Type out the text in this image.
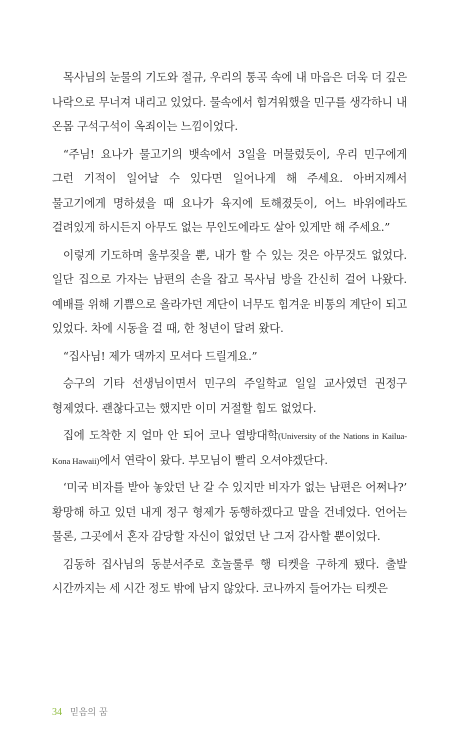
목사님의 눈물의 기도와 절규, 우리의 통곡 속에 내 마음은 더욱 더 깊은 나락으로 무너져 내리고 있었다. 물속에서 힘겨워했을 민구를 생각하니 내 온몸 구석구석이 옥죄이는 느낌이었다.

“주님! 요나가 물고기의 뱃속에서 3일을 머물렀듯이, 우리 민구에게 그런 기적이 일어날 수 있다면 일어나게 해 주세요. 아버지께서 물고기에게 명하셨을 때 요나가 육지에 토해졌듯이, 어느 바위에라도 걸려있게 하시든지 아무도 없는 무인도에라도 살아 있게만 해 주세요.”

이렇게 기도하며 울부짖을 뿐, 내가 할 수 있는 것은 아무것도 없었다. 일단 집으로 가자는 남편의 손을 잡고 목사님 방을 간신히 걸어 나왔다. 예배를 위해 기쁨으로 올라가던 계단이 너무도 힘겨운 비통의 계단이 되고 있었다. 차에 시동을 걸 때, 한 청년이 달려 왔다.

“집사님! 제가 댁까지 모셔다 드릴게요.”

승구의 기타 선생님이면서 민구의 주일학교 일일 교사였던 권정구 형제였다. 괜찮다고는 했지만 이미 거절할 힘도 없었다.

집에 도착한 지 얼마 안 되어 코나 열방대학(University of the Nations in Kailua-Kona Hawaii)에서 연락이 왔다. 부모님이 빨리 오셔야겠단다.

‘미국 비자를 받아 놓았던 난 갈 수 있지만 비자가 없는 남편은 어쩌나?’ 황망해 하고 있던 내게 정구 형제가 동행하겠다고 말을 건네었다. 언어는 물론, 그곳에서 혼자 감당할 자신이 없었던 난 그저 감사할 뿐이었다.

김동하 집사님의 동분서주로 호놀룰루 행 티켓을 구하게 됐다. 출발 시간까지는 세 시간 정도 밖에 남지 않았다. 코나까지 들어가는 티켓은

34 믿음의 꿈
